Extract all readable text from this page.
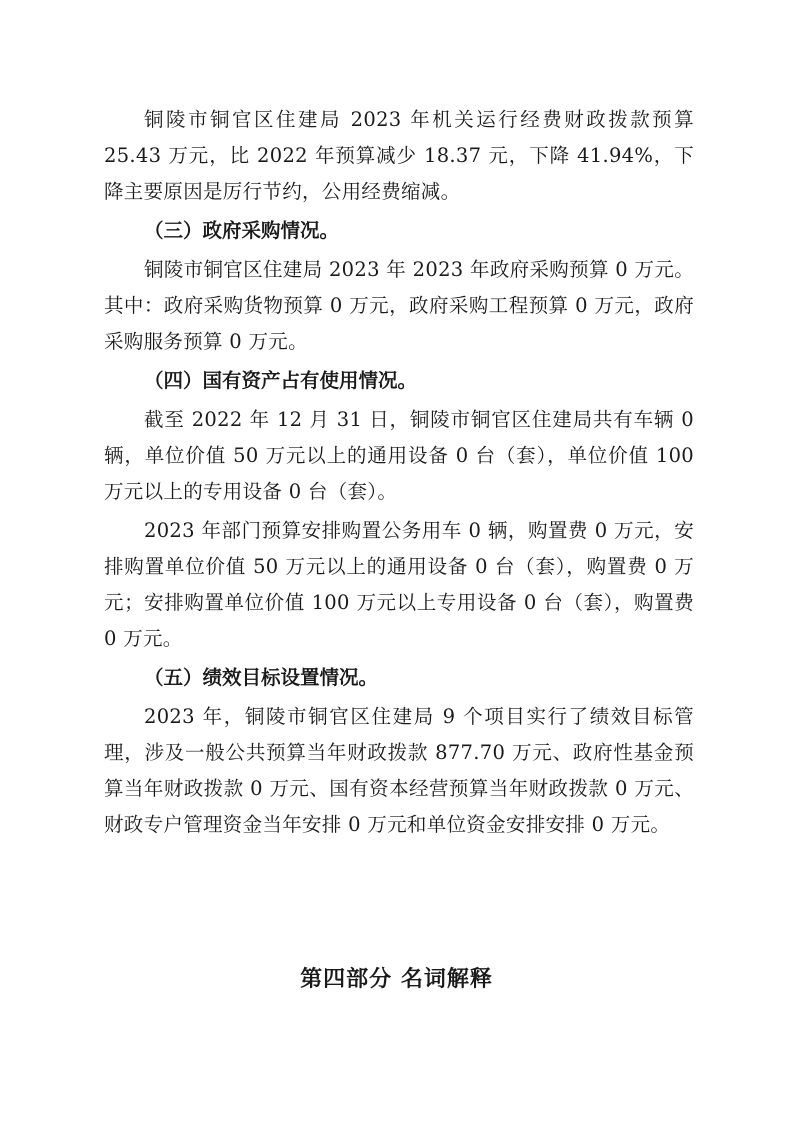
铜陵市铜官区住建局 2023 年机关运行经费财政拨款预算 25.43 万元，比 2022 年预算减少 18.37 元，下降 41.94%，下降主要原因是厉行节约，公用经费缩减。

（三）政府采购情况。

铜陵市铜官区住建局 2023 年 2023 年政府采购预算 0 万元。其中：政府采购货物预算 0 万元，政府采购工程预算 0 万元，政府采购服务预算 0 万元。

（四）国有资产占有使用情况。

截至 2022 年 12 月 31 日，铜陵市铜官区住建局共有车辆 0 辆，单位价值 50 万元以上的通用设备 0 台（套），单位价值 100 万元以上的专用设备 0 台（套）。

2023 年部门预算安排购置公务用车 0 辆，购置费 0 万元，安排购置单位价值 50 万元以上的通用设备 0 台（套），购置费 0 万元；安排购置单位价值 100 万元以上专用设备 0 台（套），购置费 0 万元。

（五）绩效目标设置情况。

2023 年，铜陵市铜官区住建局 9 个项目实行了绩效目标管理，涉及一般公共预算当年财政拨款 877.70 万元、政府性基金预算当年财政拨款 0 万元、国有资本经营预算当年财政拨款 0 万元、财政专户管理资金当年安排 0 万元和单位资金安排安排 0 万元。

第四部分 名词解释
